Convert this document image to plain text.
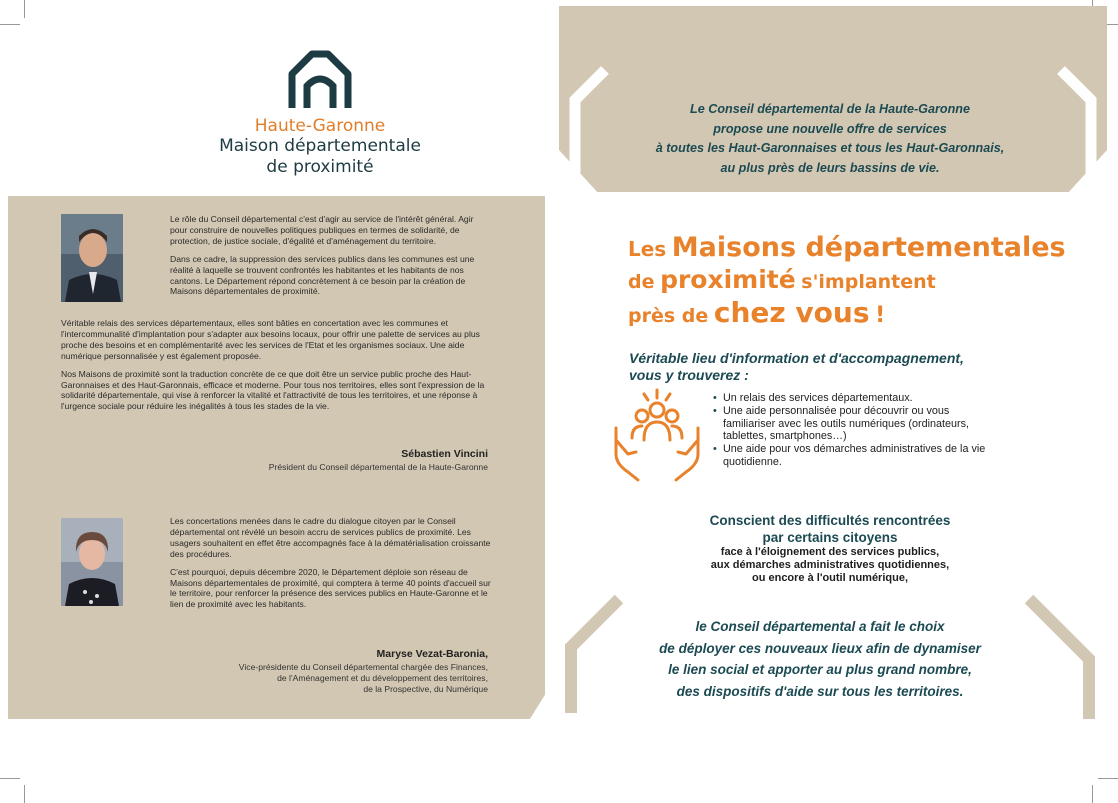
Haute-Garonne
Maison départementale
de proximité

Le rôle du Conseil départemental c'est d'agir au service de l'intérêt général. Agir pour construire de nouvelles politiques publiques en termes de solidarité, de protection, de justice sociale, d'égalité et d'aménagement du territoire.

Dans ce cadre, la suppression des services publics dans les communes est une réalité à laquelle se trouvent confrontés les habitantes et les habitants de nos cantons. Le Département répond concrètement à ce besoin par la création de Maisons départementales de proximité.

Véritable relais des services départementaux, elles sont bâties en concertation avec les communes et l'intercommunalité d'implantation pour s'adapter aux besoins locaux, pour offrir une palette de services au plus proche des besoins et en complémentarité avec les services de l'Etat et les organismes sociaux. Une aide numérique personnalisée y est également proposée.

Nos Maisons de proximité sont la traduction concrète de ce que doit être un service public proche des Haut-Garonnaises et des Haut-Garonnais, efficace et moderne. Pour tous nos territoires, elles sont l'expression de la solidarité départementale, qui vise à renforcer la vitalité et l'attractivité de tous les territoires, et une réponse à l'urgence sociale pour réduire les inégalités à tous les stades de la vie.

Sébastien Vincini
Président du Conseil départemental de la Haute-Garonne

Les concertations menées dans le cadre du dialogue citoyen par le Conseil départemental ont révélé un besoin accru de services publics de proximité. Les usagers souhaitent en effet être accompagnés face à la dématérialisation croissante des procédures.

C'est pourquoi, depuis décembre 2020, le Département déploie son réseau de Maisons départementales de proximité, qui comptera à terme 40 points d'accueil sur le territoire, pour renforcer la présence des services publics en Haute-Garonne et le lien de proximité avec les habitants.

Maryse Vezat-Baronia,
Vice-présidente du Conseil départemental chargée des Finances,
de l'Aménagement et du développement des territoires,
de la Prospective, du Numérique
Le Conseil départemental de la Haute-Garonne
propose une nouvelle offre de services
à toutes les Haut-Garonnaises et tous les Haut-Garonnais,
au plus près de leurs bassins de vie.
Les Maisons départementales
de proximité s'implantent
près de chez vous !
Véritable lieu d'information et d'accompagnement,
vous y trouverez :
• Un relais des services départementaux.
• Une aide personnalisée pour découvrir ou vous familiariser avec les outils numériques (ordinateurs, tablettes, smartphones…)
• Une aide pour vos démarches administratives de la vie quotidienne.
Conscient des difficultés rencontrées
par certains citoyens
face à l'éloignement des services publics,
aux démarches administratives quotidiennes,
ou encore à l'outil numérique,
le Conseil départemental a fait le choix
de déployer ces nouveaux lieux afin de dynamiser
le lien social et apporter au plus grand nombre,
des dispositifs d'aide sur tous les territoires.
